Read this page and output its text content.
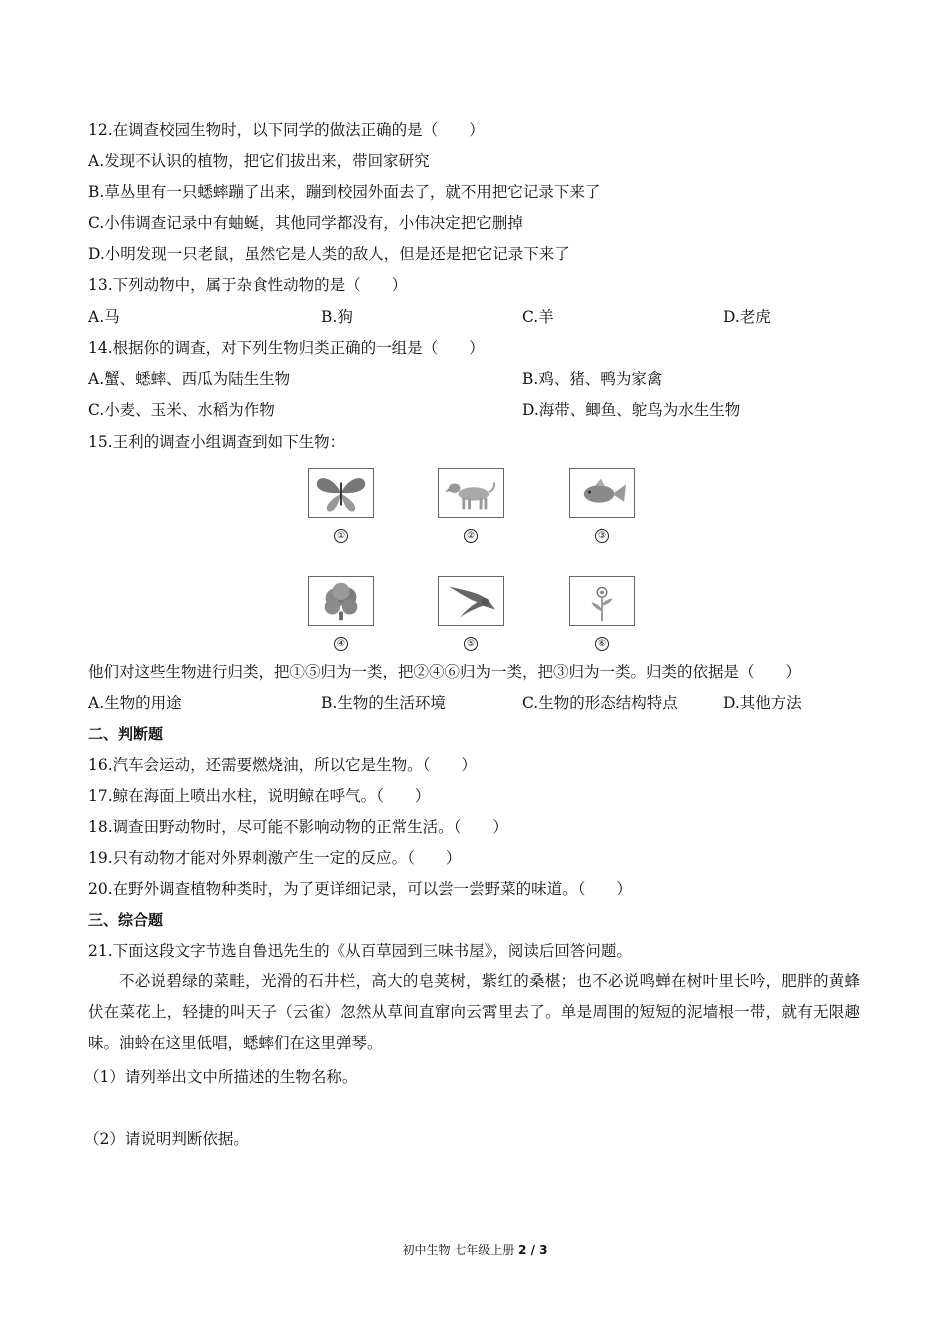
12.在调查校园生物时，以下同学的做法正确的是（　　）
A.发现不认识的植物，把它们拔出来，带回家研究
B.草丛里有一只蟋蟀蹦了出来，蹦到校园外面去了，就不用把它记录下来了
C.小伟调查记录中有蚰蜒，其他同学都没有，小伟决定把它删掉
D.小明发现一只老鼠，虽然它是人类的敌人，但是还是把它记录下来了
13.下列动物中，属于杂食性动物的是（　　）
A.马	B.狗	C.羊	D.老虎
14.根据你的调查，对下列生物归类正确的一组是（　　）
A.蟹、蟋蟀、西瓜为陆生生物	B.鸡、猪、鸭为家禽
C.小麦、玉米、水稻为作物	D.海带、鲫鱼、鸵鸟为水生生物
15.王利的调查小组调查到如下生物：
①	②	③
④	⑤	⑥
他们对这些生物进行归类，把①⑤归为一类，把②④⑥归为一类，把③归为一类。归类的依据是（　　）
A.生物的用途	B.生物的生活环境	C.生物的形态结构特点	D.其他方法
二、判断题
16.汽车会运动，还需要燃烧油，所以它是生物。（　　）
17.鲸在海面上喷出水柱，说明鲸在呼气。（　　）
18.调查田野动物时，尽可能不影响动物的正常生活。（　　）
19.只有动物才能对外界刺激产生一定的反应。（　　）
20.在野外调查植物种类时，为了更详细记录，可以尝一尝野菜的味道。（　　）
三、综合题
21.下面这段文字节选自鲁迅先生的《从百草园到三味书屋》，阅读后回答问题。
不必说碧绿的菜畦，光滑的石井栏，高大的皂荚树，紫红的桑椹；也不必说鸣蝉在树叶里长吟，肥胖的黄蜂伏在菜花上，轻捷的叫天子（云雀）忽然从草间直窜向云霄里去了。单是周围的短短的泥墙根一带，就有无限趣味。油蛉在这里低唱，蟋蟀们在这里弹琴。
（1）请列举出文中所描述的生物名称。
（2）请说明判断依据。
初中生物 七年级上册 2 / 3
